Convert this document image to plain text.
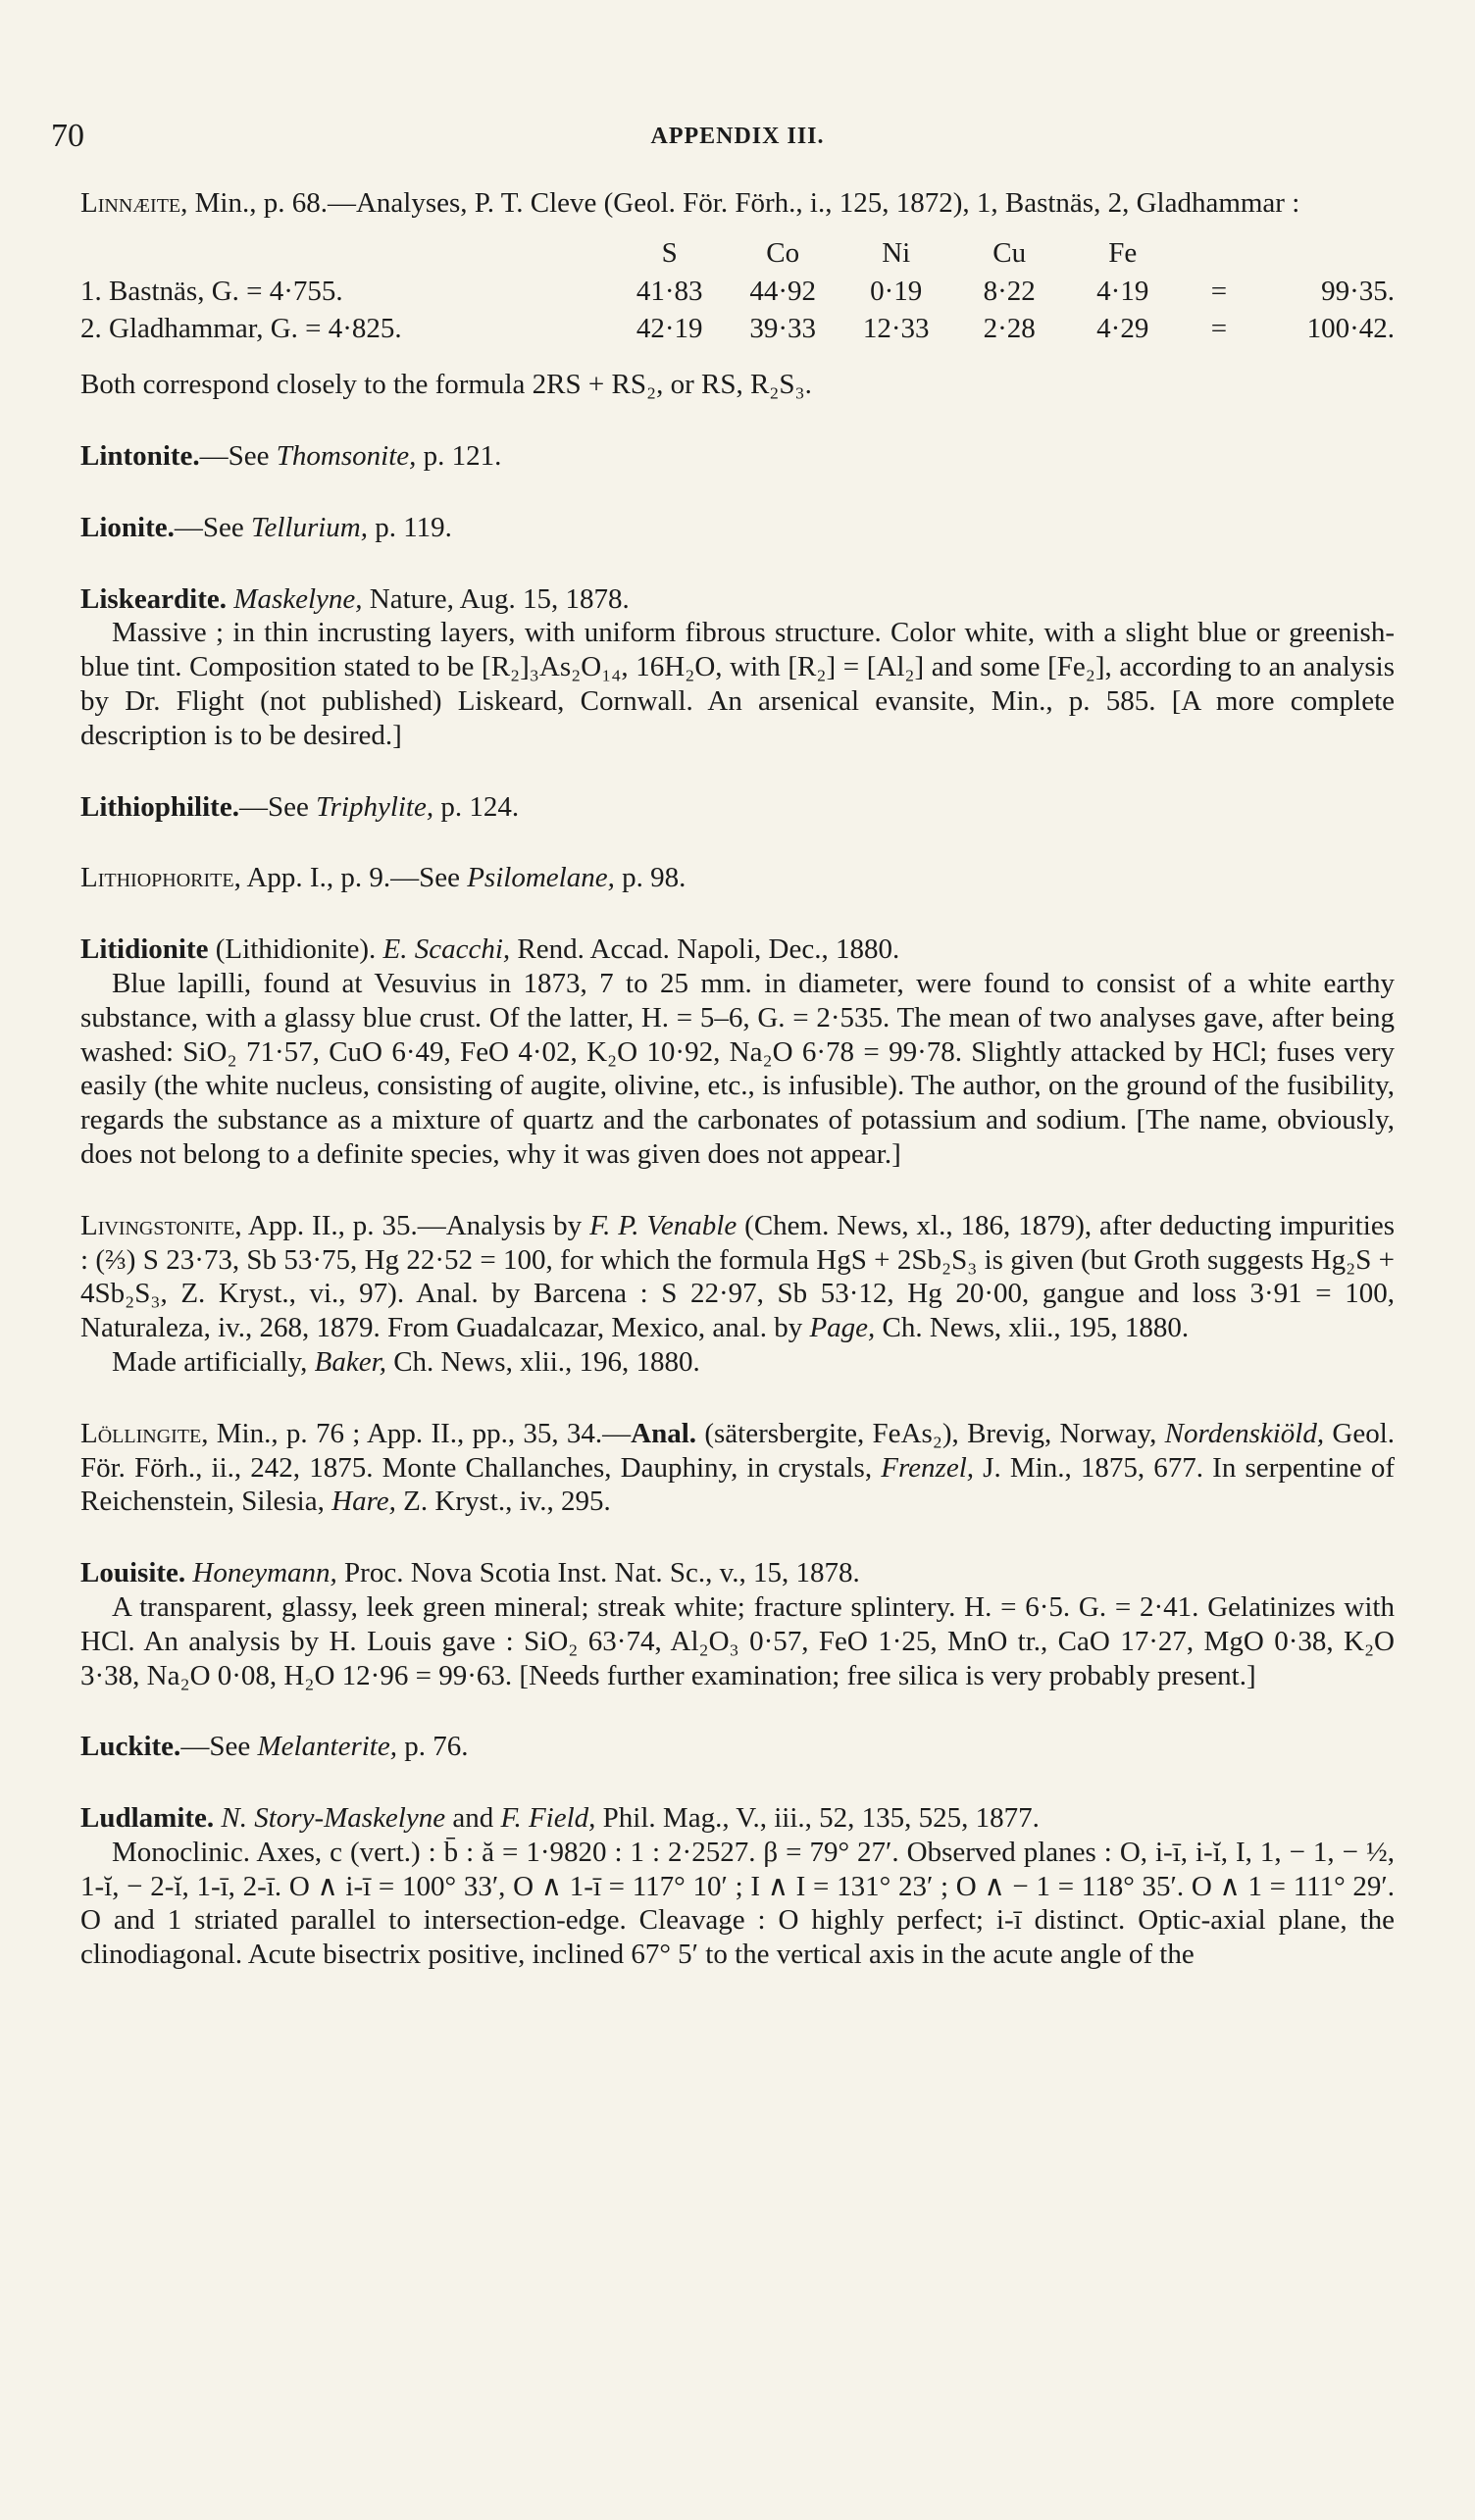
70	APPENDIX III.

Linnæite, Min., p. 68.—Analyses, P. T. Cleve (Geol. För. Förh., i., 125, 1872), 1, Bastnäs, 2, Gladhammar :

	S	Co	Ni	Cu	Fe		
1. Bastnäs, G. = 4·755.	41·83	44·92	0·19	8·22	4·19	=	99·35.
2. Gladhammar, G. = 4·825.	42·19	39·33	12·33	2·28	4·29	=	100·42.

Both correspond closely to the formula 2RS + RS₂, or RS, R₂S₃.

Lintonite.—See Thomsonite, p. 121.

Lionite.—See Tellurium, p. 119.

Liskeardite. Maskelyne, Nature, Aug. 15, 1878.

Massive ; in thin incrusting layers, with uniform fibrous structure. Color white, with a slight blue or greenish-blue tint. Composition stated to be [R₂]₃As₂O₁₄, 16H₂O, with [R₂] = [Al₂] and some [Fe₂], according to an analysis by Dr. Flight (not published) Liskeard, Cornwall. An arsenical evansite, Min., p. 585. [A more complete description is to be desired.]

Lithiophilite.—See Triphylite, p. 124.

Lithiophorite, App. I., p. 9.—See Psilomelane, p. 98.

Litidionite (Lithidionite). E. Scacchi, Rend. Accad. Napoli, Dec., 1880.

Blue lapilli, found at Vesuvius in 1873, 7 to 25 mm. in diameter, were found to consist of a white earthy substance, with a glassy blue crust. Of the latter, H. = 5–6, G. = 2·535. The mean of two analyses gave, after being washed: SiO₂ 71·57, CuO 6·49, FeO 4·02, K₂O 10·92, Na₂O 6·78 = 99·78. Slightly attacked by HCl; fuses very easily (the white nucleus, consisting of augite, olivine, etc., is infusible). The author, on the ground of the fusibility, regards the substance as a mixture of quartz and the carbonates of potassium and sodium. [The name, obviously, does not belong to a definite species, why it was given does not appear.]

Livingstonite, App. II., p. 35.—Analysis by F. P. Venable (Chem. News, xl., 186, 1879), after deducting impurities : (⅔) S 23·73, Sb 53·75, Hg 22·52 = 100, for which the formula HgS + 2Sb₂S₃ is given (but Groth suggests Hg₂S + 4Sb₂S₃, Z. Kryst., vi., 97). Anal. by Barcena : S 22·97, Sb 53·12, Hg 20·00, gangue and loss 3·91 = 100, Naturaleza, iv., 268, 1879. From Guadalcazar, Mexico, anal. by Page, Ch. News, xlii., 195, 1880.

Made artificially, Baker, Ch. News, xlii., 196, 1880.

Löllingite, Min., p. 76 ; App. II., pp., 35, 34.—Anal. (sätersbergite, FeAs₂), Brevig, Norway, Nordenskiöld, Geol. För. Förh., ii., 242, 1875. Monte Challanches, Dauphiny, in crystals, Frenzel, J. Min., 1875, 677. In serpentine of Reichenstein, Silesia, Hare, Z. Kryst., iv., 295.

Louisite. Honeymann, Proc. Nova Scotia Inst. Nat. Sc., v., 15, 1878.

A transparent, glassy, leek green mineral; streak white; fracture splintery. H. = 6·5. G. = 2·41. Gelatinizes with HCl. An analysis by H. Louis gave : SiO₂ 63·74, Al₂O₃ 0·57, FeO 1·25, MnO tr., CaO 17·27, MgO 0·38, K₂O 3·38, Na₂O 0·08, H₂O 12·96 = 99·63. [Needs further examination; free silica is very probably present.]

Luckite.—See Melanterite, p. 76.

Ludlamite. N. Story-Maskelyne and F. Field, Phil. Mag., V., iii., 52, 135, 525, 1877.

Monoclinic. Axes, c (vert.) : b̄ : ă = 1·9820 : 1 : 2·2527. β = 79° 27′. Observed planes : O, i-ī, i-ĭ, I, 1, − 1, − ½, 1-ĭ, − 2-ĭ, 1-ī, 2-ī. O ∧ i-ī = 100° 33′, O ∧ 1-ī = 117° 10′ ; I ∧ I = 131° 23′ ; O ∧ − 1 = 118° 35′. O ∧ 1 = 111° 29′. O and 1 striated parallel to intersection-edge. Cleavage : O highly perfect; i-ī distinct. Optic-axial plane, the clinodiagonal. Acute bisectrix positive, inclined 67° 5′ to the vertical axis in the acute angle of the
